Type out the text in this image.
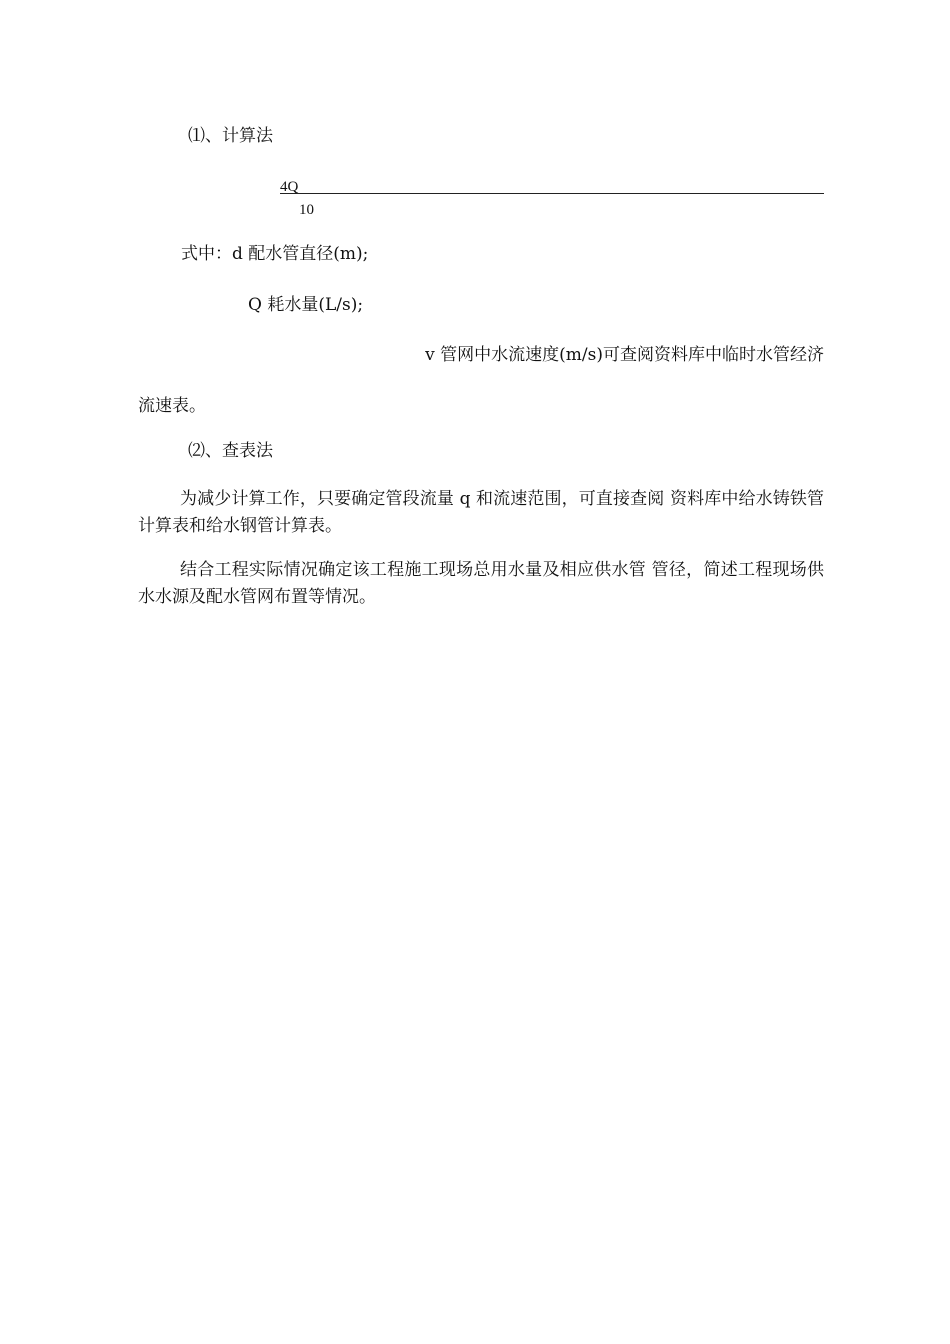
⑴、计算法
4Q
10
式中：d 配水管直径(m);
Q 耗水量(L/s);
v 管网中水流速度(m/s)可查阅资料库中临时水管经济
流速表。
⑵、查表法
为减少计算工作，只要确定管段流量 q 和流速范围，可直接查阅 资料库中给水铸铁管计算表和给水钢管计算表。
结合工程实际情况确定该工程施工现场总用水量及相应供水管 管径，简述工程现场供水水源及配水管网布置等情况。
